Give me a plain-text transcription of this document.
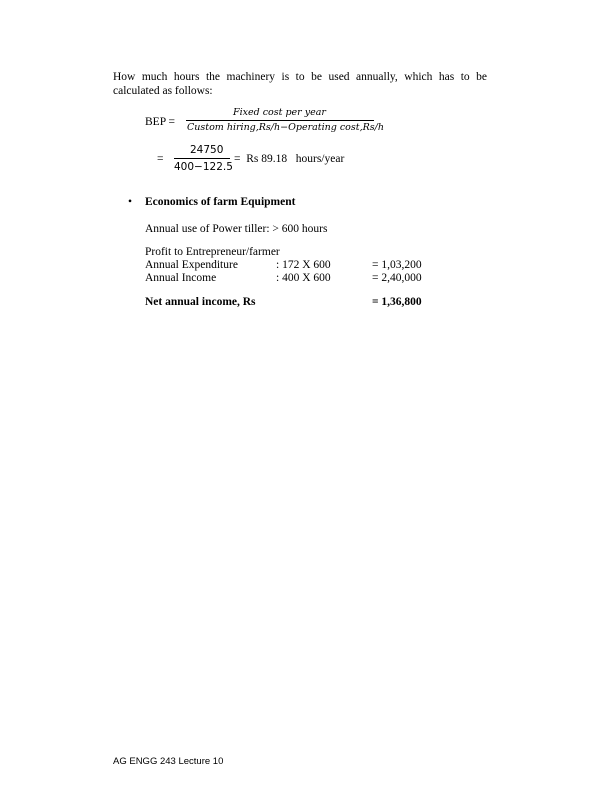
How much hours the machinery is to be used annually, which has to be calculated as follows:

BEP =
Fixed cost per year
Custom hiring,Rs/h−Operating cost,Rs/h
=
24750
400−122.5
=  Rs 89.18   hours/year
• Economics of farm Equipment
Annual use of Power tiller: > 600 hours
Profit to Entrepreneur/farmer
Annual Expenditure	: 172 X 600	= 1,03,200
Annual Income	: 400 X 600	= 2,40,000
Net annual income, Rs	= 1,36,800
AG ENGG 243 Lecture 10
